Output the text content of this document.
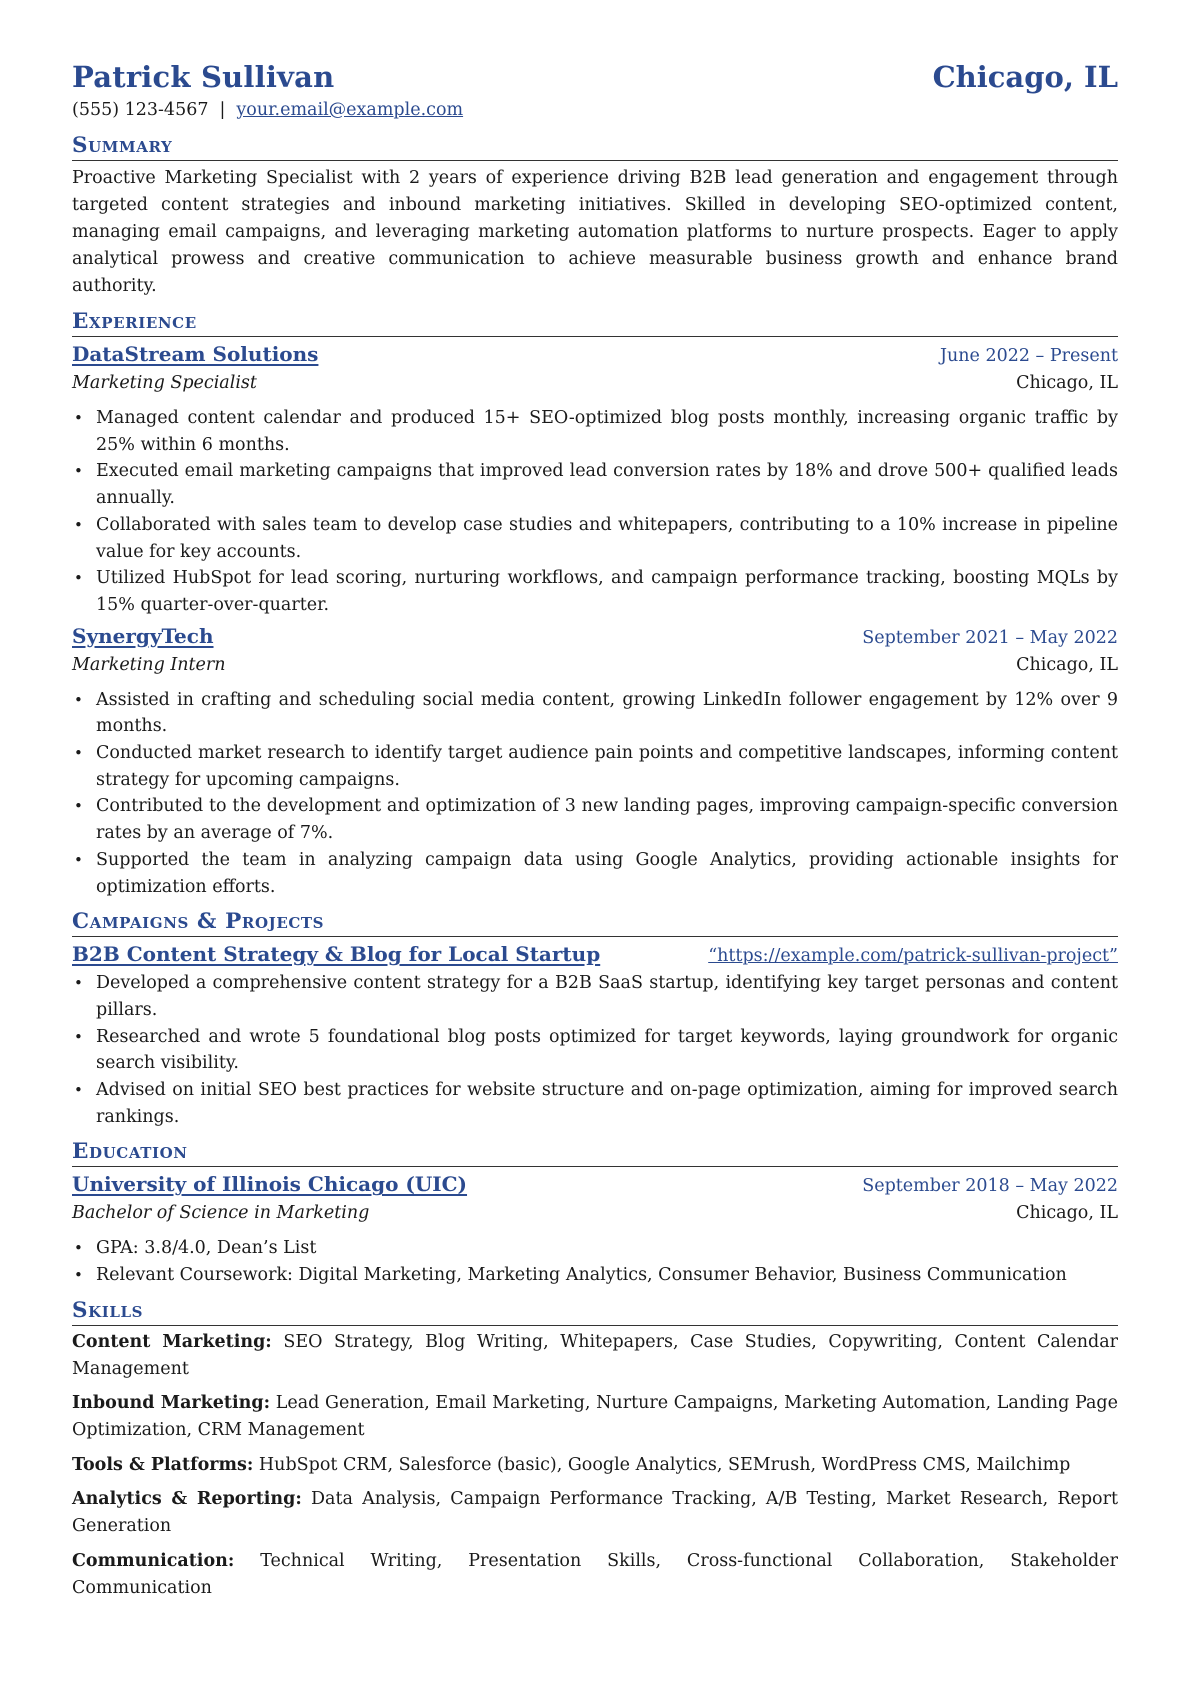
Patrick Sullivan	Chicago, IL
(555) 123-4567 | your.email@example.com
Summary
Proactive Marketing Specialist with 2 years of experience driving B2B lead generation and engagement through targeted content strategies and inbound marketing initiatives. Skilled in developing SEO-optimized content, managing email campaigns, and leveraging marketing automation platforms to nurture prospects. Eager to apply analytical prowess and creative communication to achieve measurable business growth and enhance brand authority.
Experience
DataStream Solutions	June 2022 – Present
Marketing Specialist	Chicago, IL
• Managed content calendar and produced 15+ SEO-optimized blog posts monthly, increasing organic traffic by 25% within 6 months.
• Executed email marketing campaigns that improved lead conversion rates by 18% and drove 500+ qualified leads annually.
• Collaborated with sales team to develop case studies and whitepapers, contributing to a 10% increase in pipeline value for key accounts.
• Utilized HubSpot for lead scoring, nurturing workflows, and campaign performance tracking, boosting MQLs by 15% quarter-over-quarter.
SynergyTech	September 2021 – May 2022
Marketing Intern	Chicago, IL
• Assisted in crafting and scheduling social media content, growing LinkedIn follower engagement by 12% over 9 months.
• Conducted market research to identify target audience pain points and competitive landscapes, informing content strategy for upcoming campaigns.
• Contributed to the development and optimization of 3 new landing pages, improving campaign-specific conversion rates by an average of 7%.
• Supported the team in analyzing campaign data using Google Analytics, providing actionable insights for optimization efforts.
Campaigns & Projects
B2B Content Strategy & Blog for Local Startup	“https://example.com/patrick-sullivan-project”
• Developed a comprehensive content strategy for a B2B SaaS startup, identifying key target personas and content pillars.
• Researched and wrote 5 foundational blog posts optimized for target keywords, laying groundwork for organic search visibility.
• Advised on initial SEO best practices for website structure and on-page optimization, aiming for improved search rankings.
Education
University of Illinois Chicago (UIC)	September 2018 – May 2022
Bachelor of Science in Marketing	Chicago, IL
• GPA: 3.8/4.0, Dean’s List
• Relevant Coursework: Digital Marketing, Marketing Analytics, Consumer Behavior, Business Communication
Skills
Content Marketing: SEO Strategy, Blog Writing, Whitepapers, Case Studies, Copywriting, Content Calendar Management
Inbound Marketing: Lead Generation, Email Marketing, Nurture Campaigns, Marketing Automation, Landing Page Optimization, CRM Management
Tools & Platforms: HubSpot CRM, Salesforce (basic), Google Analytics, SEMrush, WordPress CMS, Mailchimp
Analytics & Reporting: Data Analysis, Campaign Performance Tracking, A/B Testing, Market Research, Report Generation
Communication: Technical Writing, Presentation Skills, Cross-functional Collaboration, Stakeholder Communication
